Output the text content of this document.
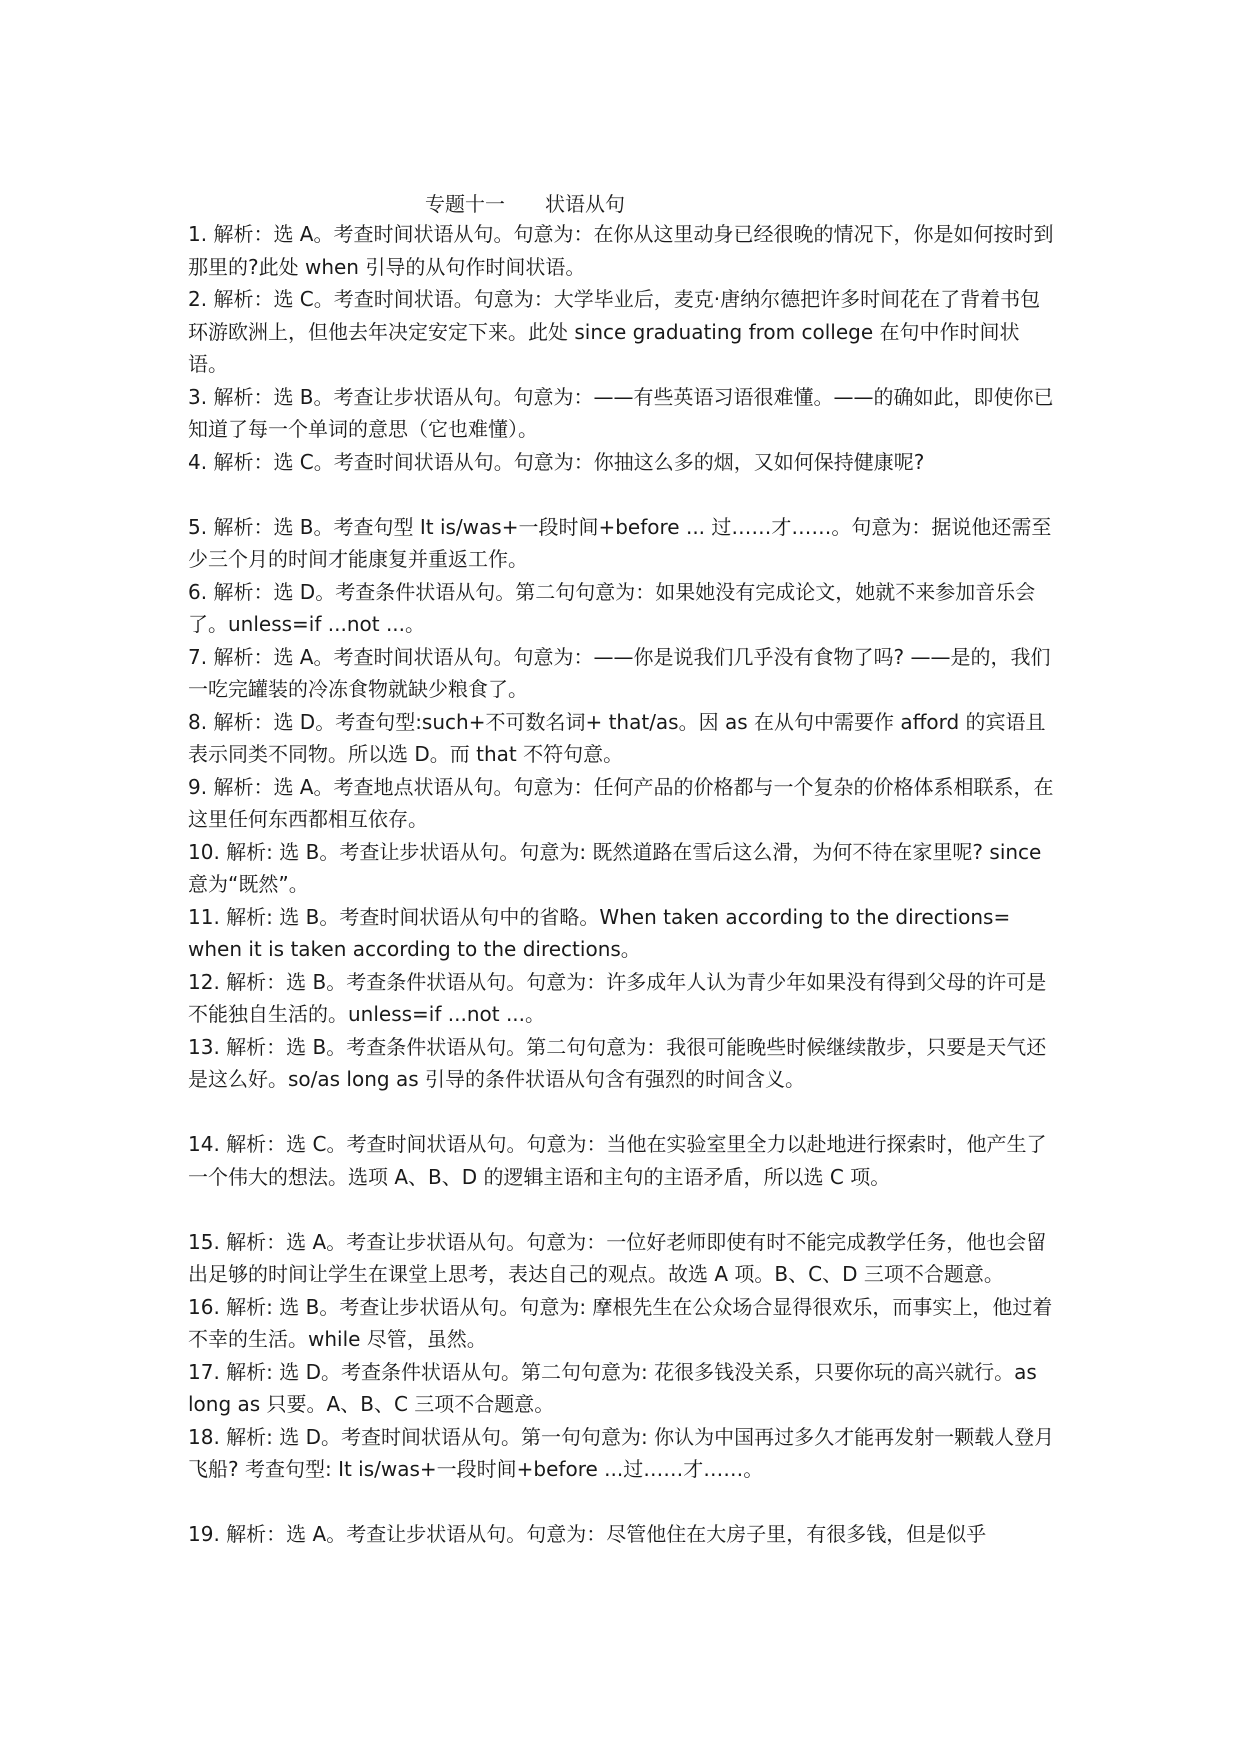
专题十一　　状语从句

1. 解析：选 A。考查时间状语从句。句意为：在你从这里动身已经很晚的情况下，你是如何按时到那里的?此处 when 引导的从句作时间状语。

2. 解析：选 C。考查时间状语。句意为：大学毕业后，麦克·唐纳尔德把许多时间花在了背着书包环游欧洲上，但他去年决定安定下来。此处 since graduating from college 在句中作时间状语。

3. 解析：选 B。考查让步状语从句。句意为：——有些英语习语很难懂。——的确如此，即使你已知道了每一个单词的意思（它也难懂）。

4. 解析：选 C。考查时间状语从句。句意为：你抽这么多的烟，又如何保持健康呢?

5. 解析：选 B。考查句型 It is/was+一段时间+before ... 过……才……。句意为：据说他还需至少三个月的时间才能康复并重返工作。

6. 解析：选 D。考查条件状语从句。第二句句意为：如果她没有完成论文，她就不来参加音乐会了。unless=if ...not ...。

7. 解析：选 A。考查时间状语从句。句意为：——你是说我们几乎没有食物了吗? ——是的，我们一吃完罐装的冷冻食物就缺少粮食了。

8. 解析：选 D。考查句型:such+不可数名词+ that/as。因 as 在从句中需要作 afford 的宾语且表示同类不同物。所以选 D。而 that 不符句意。

9. 解析：选 A。考查地点状语从句。句意为：任何产品的价格都与一个复杂的价格体系相联系，在这里任何东西都相互依存。

10. 解析: 选 B。考查让步状语从句。句意为: 既然道路在雪后这么滑，为何不待在家里呢? since 意为“既然”。

11. 解析: 选 B。考查时间状语从句中的省略。When taken according to the directions= when it is taken according to the directions。

12. 解析：选 B。考查条件状语从句。句意为：许多成年人认为青少年如果没有得到父母的许可是不能独自生活的。unless=if ...not ...。

13. 解析：选 B。考查条件状语从句。第二句句意为：我很可能晚些时候继续散步，只要是天气还是这么好。so/as long as 引导的条件状语从句含有强烈的时间含义。

14. 解析：选 C。考查时间状语从句。句意为：当他在实验室里全力以赴地进行探索时，他产生了一个伟大的想法。选项 A、B、D 的逻辑主语和主句的主语矛盾，所以选 C 项。

15. 解析：选 A。考查让步状语从句。句意为：一位好老师即使有时不能完成教学任务，他也会留出足够的时间让学生在课堂上思考，表达自己的观点。故选 A 项。B、C、D 三项不合题意。

16. 解析: 选 B。考查让步状语从句。句意为: 摩根先生在公众场合显得很欢乐，而事实上，他过着不幸的生活。while 尽管，虽然。

17. 解析: 选 D。考查条件状语从句。第二句句意为: 花很多钱没关系，只要你玩的高兴就行。as long as 只要。A、B、C 三项不合题意。

18. 解析: 选 D。考查时间状语从句。第一句句意为: 你认为中国再过多久才能再发射一颗载人登月飞船? 考查句型: It is/was+一段时间+before ...过……才……。

19. 解析：选 A。考查让步状语从句。句意为：尽管他住在大房子里，有很多钱，但是似乎
